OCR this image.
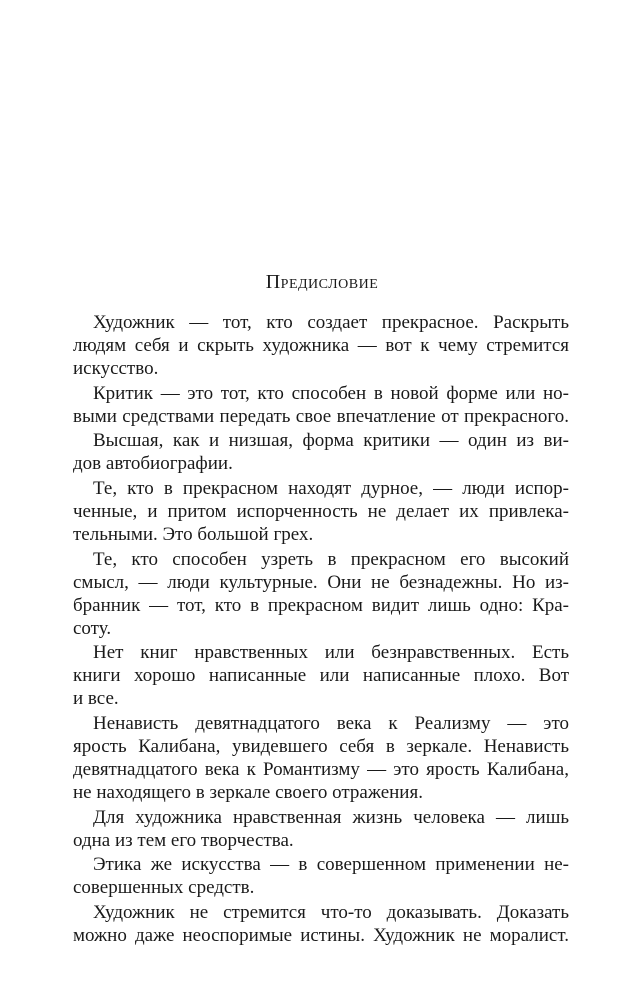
Предисловие

Художник — тот, кто создает прекрасное. Раскрыть
людям себя и скрыть художника — вот к чему стремится
искусство.

Критик — это тот, кто способен в новой форме или но-
выми средствами передать свое впечатление от прекрасного.

Высшая, как и низшая, форма критики — один из ви-
дов автобиографии.

Те, кто в прекрасном находят дурное, — люди испор-
ченные, и притом испорченность не делает их привлека-
тельными. Это большой грех.

Те, кто способен узреть в прекрасном его высокий
смысл, — люди культурные. Они не безнадежны. Но из-
бранник — тот, кто в прекрасном видит лишь одно: Кра-
соту.

Нет книг нравственных или безнравственных. Есть
книги хорошо написанные или написанные плохо. Вот
и все.

Ненависть девятнадцатого века к Реализму — это
ярость Калибана, увидевшего себя в зеркале. Ненависть
девятнадцатого века к Романтизму — это ярость Калибана,
не находящего в зеркале своего отражения.

Для художника нравственная жизнь человека — лишь
одна из тем его творчества.

Этика же искусства — в совершенном применении не-
совершенных средств.

Художник не стремится что-то доказывать. Доказать
можно даже неоспоримые истины. Художник не моралист.
